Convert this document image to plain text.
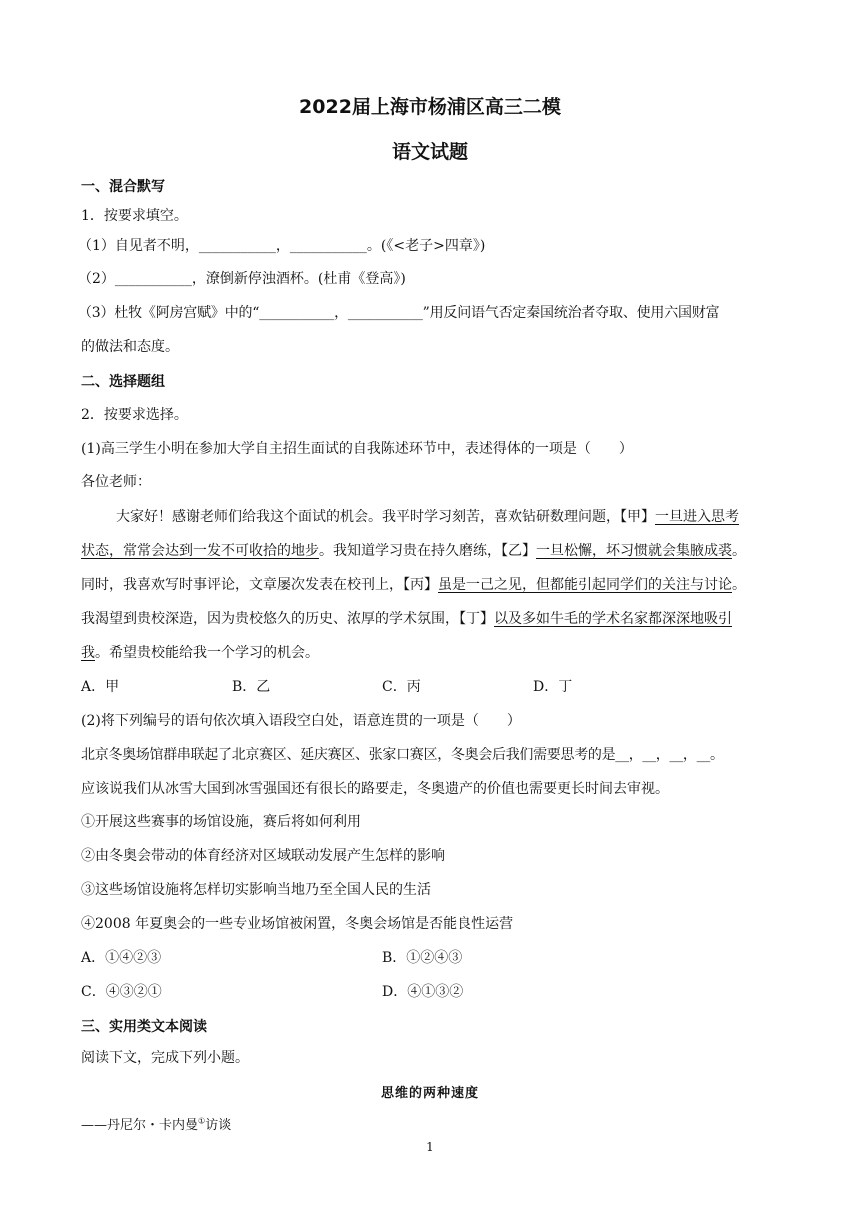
2022届上海市杨浦区高三二模
语文试题
一、混合默写
1．按要求填空。
（1）自见者不明，___________，___________。(《<老子>四章》)
（2）___________，潦倒新停浊酒杯。(杜甫《登高》)
（3）杜牧《阿房宫赋》中的“___________，___________”用反问语气否定秦国统治者夺取、使用六国财富
的做法和态度。
二、选择题组
2．按要求选择。
(1)高三学生小明在参加大学自主招生面试的自我陈述环节中，表述得体的一项是（　　）
各位老师：
大家好！感谢老师们给我这个面试的机会。我平时学习刻苦，喜欢钻研数理问题，【甲】一旦进入思考
状态，常常会达到一发不可收拾的地步。我知道学习贵在持久磨练，【乙】一旦松懈，坏习惯就会集腋成裘。
同时，我喜欢写时事评论，文章屡次发表在校刊上，【丙】虽是一己之见，但都能引起同学们的关注与讨论。
我渴望到贵校深造，因为贵校悠久的历史、浓厚的学术氛围，【丁】以及多如牛毛的学术名家都深深地吸引
我。希望贵校能给我一个学习的机会。
A．甲	B．乙	C．丙	D．丁
(2)将下列编号的语句依次填入语段空白处，语意连贯的一项是（　　）
北京冬奥场馆群串联起了北京赛区、延庆赛区、张家口赛区，冬奥会后我们需要思考的是__，__，__，__。
应该说我们从冰雪大国到冰雪强国还有很长的路要走，冬奥遗产的价值也需要更长时间去审视。
①开展这些赛事的场馆设施，赛后将如何利用
②由冬奥会带动的体育经济对区域联动发展产生怎样的影响
③这些场馆设施将怎样切实影响当地乃至全国人民的生活
④2008 年夏奥会的一些专业场馆被闲置，冬奥会场馆是否能良性运营
A．①④②③	B．①②④③
C．④③②①	D．④①③②
三、实用类文本阅读
阅读下文，完成下列小题。
思维的两种速度
——丹尼尔・卡内曼①访谈
1
